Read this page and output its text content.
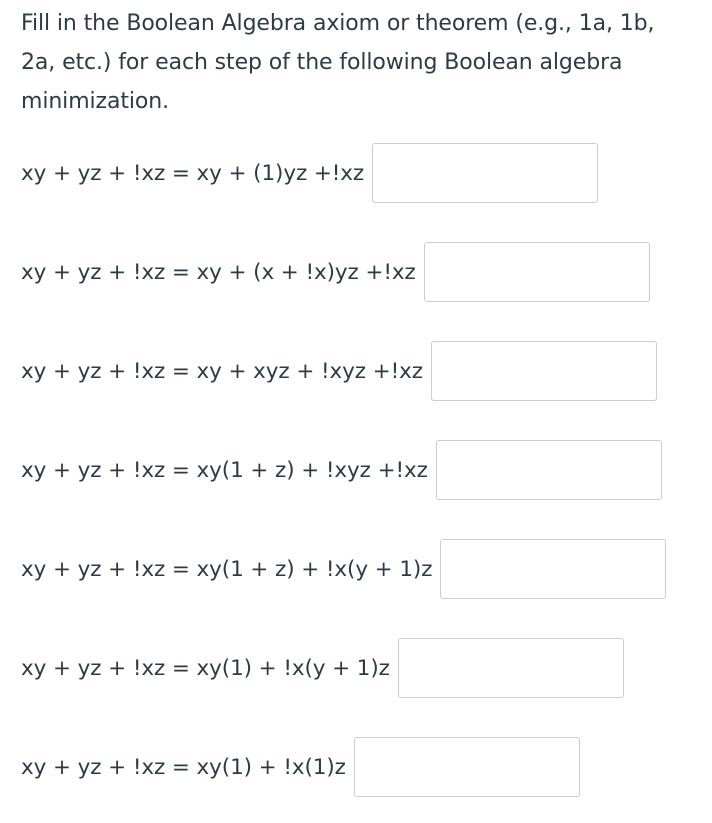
Fill in the Boolean Algebra axiom or theorem (e.g., 1a, 1b, 2a, etc.) for each step of the following Boolean algebra minimization.

xy + yz + !xz = xy + (1)yz +!xz
xy + yz + !xz = xy + (x + !x)yz +!xz
xy + yz + !xz = xy + xyz + !xyz +!xz
xy + yz + !xz = xy(1 + z) + !xyz +!xz
xy + yz + !xz = xy(1 + z) + !x(y + 1)z
xy + yz + !xz = xy(1) + !x(y + 1)z
xy + yz + !xz = xy(1) + !x(1)z
